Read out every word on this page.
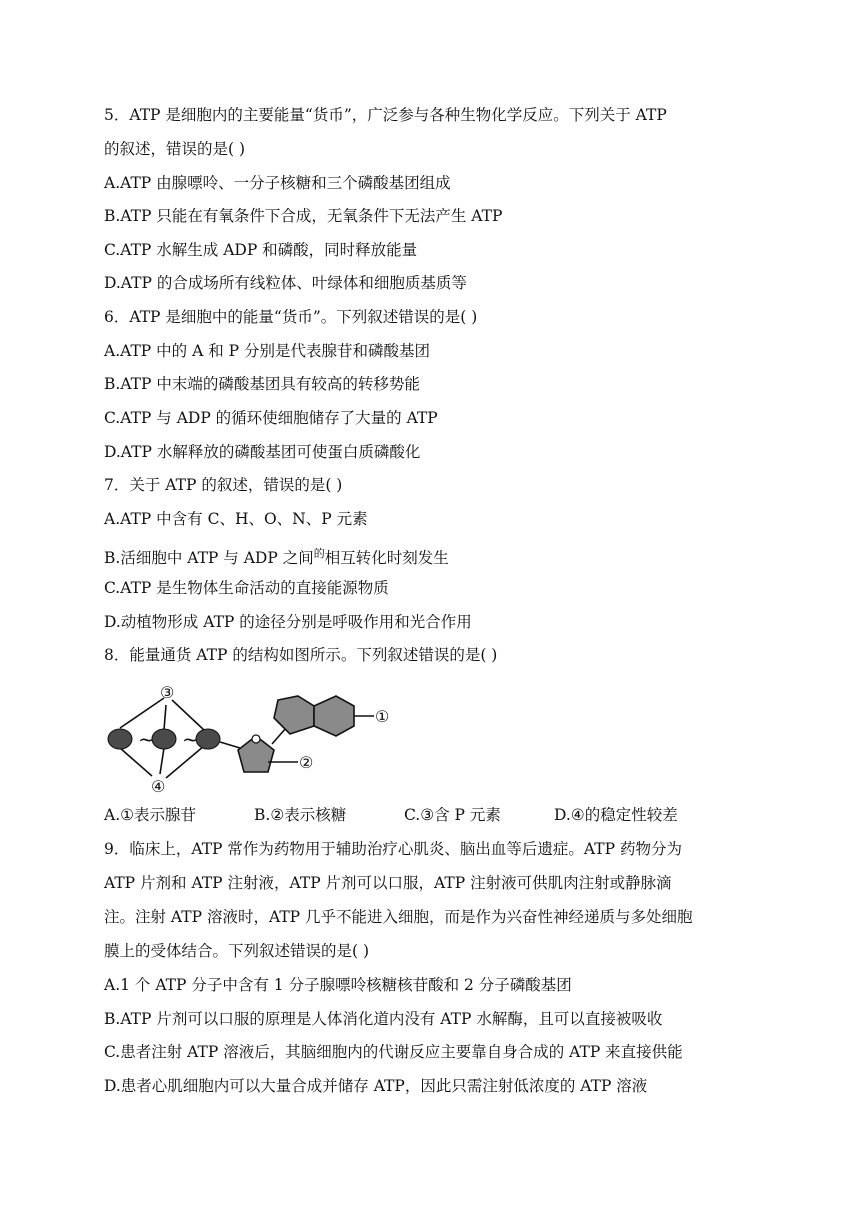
5．ATP 是细胞内的主要能量“货币”，广泛参与各种生物化学反应。下列关于 ATP
的叙述，错误的是( )
A.ATP 由腺嘌呤、一分子核糖和三个磷酸基团组成
B.ATP 只能在有氧条件下合成，无氧条件下无法产生 ATP
C.ATP 水解生成 ADP 和磷酸，同时释放能量
D.ATP 的合成场所有线粒体、叶绿体和细胞质基质等
6．ATP 是细胞中的能量“货币”。下列叙述错误的是( )
A.ATP 中的 A 和 P 分别是代表腺苷和磷酸基团
B.ATP 中末端的磷酸基团具有较高的转移势能
C.ATP 与 ADP 的循环使细胞储存了大量的 ATP
D.ATP 水解释放的磷酸基团可使蛋白质磷酸化
7．关于 ATP 的叙述，错误的是( )
A.ATP 中含有 C、H、O、N、P 元素
B.活细胞中 ATP 与 ADP 之间$^的$相互转化时刻发生
C.ATP 是生物体生命活动的直接能源物质
D.动植物形成 ATP 的途径分别是呼吸作用和光合作用
8．能量通货 ATP 的结构如图所示。下列叙述错误的是( )
~ ~
②
①
③
④
A.①表示腺苷	B.②表示核糖	C.③含 P 元素	D.④的稳定性较差
9．临床上，ATP 常作为药物用于辅助治疗心肌炎、脑出血等后遗症。ATP 药物分为
ATP 片剂和 ATP 注射液，ATP 片剂可以口服，ATP 注射液可供肌肉注射或静脉滴
注。注射 ATP 溶液时，ATP 几乎不能进入细胞，而是作为兴奋性神经递质与多处细胞
膜上的受体结合。下列叙述错误的是( )
A.1 个 ATP 分子中含有 1 分子腺嘌呤核糖核苷酸和 2 分子磷酸基团
B.ATP 片剂可以口服的原理是人体消化道内没有 ATP 水解酶，且可以直接被吸收
C.患者注射 ATP 溶液后，其脑细胞内的代谢反应主要靠自身合成的 ATP 来直接供能
D.患者心肌细胞内可以大量合成并储存 ATP，因此只需注射低浓度的 ATP 溶液
